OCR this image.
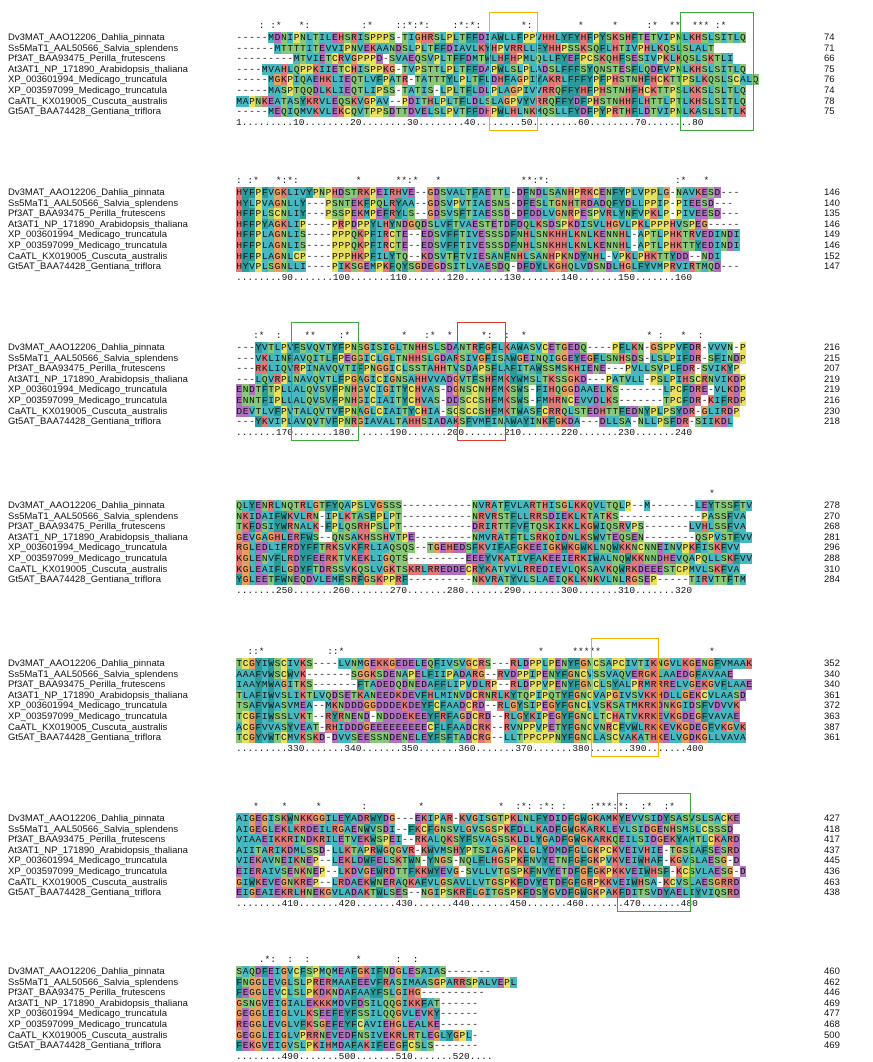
: :*   *:         :*    ::*:*:    :*:*:       *:        *     *     :*  **  *** :*
Dv3MAT_AAO12206_Dahlia_pinnata	-----MDNIPNLTILEHSRISPPPS-TIGHRSLPLTFFDIAWLLFPPVHHLYFYHFPYSKSHFTETVIPNLKHSLSITLQ	74
Ss5MaT1_AAL50566_Salvia_splendens	------MTTTTITEVVIPNVEKAANDSLPLTFFDIAVLKYHPVRRLLFYHHPSSKSQFLHTIVPHLKQSLSLALT	71
Pf3AT_BAA93475_Perilla_frutescens	---------MTVIETCRVGPPPD-SVAEQSVPLTFFDMTWLHFHPMLQLLFYEFPCSKQHFSESIVPKLKQSLSKTLI	66
At3AT1_NP_171890_Arabidopsis_thaliana	----MVAHLQPPKIIETCHISPPKG-TVPSTTLPLTFFDAPWLSLPLADSLFFFSYQNSTESFLQDFVPNLKHSLSITLQ	75
XP_003601994_Medicago_truncatula	-----MGKPIQAEHKLIEQTLVFPATR-TATTTYLPLTFLDHFAGPIYAKRLFFFYPFPHSTNHFHCKTTPSLKQSLSCALQ	76
XP_003597099_Medicago_truncatula	-----MASPTQQDLKLIEQTLIPSS-TATIS-LPLTFLDLPLAGPIVVRRQFFYHFPHSTNHFHCKTTPSLKKSLSLTLQ	74
CaATL_KX019005_Cuscuta_australis	MAPNKEATASYKRVLEQSKVGPAV--PDITHLPLTFLDLSLAGPVYVRRQFFYDFPHSTNHHFLHTTLPTLKHSLSITLQ	78
Gt5AT_BAA74428_Gentiana_triflora	-----MEQIQMVKVLEKCQVTPPSDTTDVELSLPVTFFDHPWLHLNKMQSLLFYDFPYPRTHFLDTVIPNLKASLSLTLK	75
1.........10........20........30........40........50........60........70........80
: :*   *:*:          *      **:*   *              **:*:                      :*   *
Dv3MAT_AAO12206_Dahlia_pinnata	HYFPFVGKLIVYPNPHDSTRKPEIRHVE--GDSVALTFAETTL-DFNDLSANHPRKCENFYPLVPPLG-NAVKESD---	146
Ss5MaT1_AAL50566_Salvia_splendens	HYLPVAGNLLY---PSNTEKFPQLRYAA--GDSVPVTIAESNS-DFESLTGNHTRDADQFYDLLPPIP-PIEESD---	140
Pf3AT_BAA93475_Perilla_frutescens	HFFPLSCNLIY---PSSPEKMPEFRYLS--GDSVSFTIAESSD-DFDDLVGNRPESPVRLYNFVPKLP-PIVEESD---	135
At3AT1_NP_171890_Arabidopsis_thaliana	HFFPYAGKLIP----PRPDPPYLHYNDGQDSLVFTVAESTETDFDQLKSDSPKDISVLHGVLPKLPPPHVSPEG-----	146
XP_003601994_Medicago_truncatula	HFFPLAGNLIS----PPPQKPFIRCTE--EDSVFFTIVESSSDFNHLSNKHHLKNLKENNHL-APTLPHKTRVEDINDI	149
XP_003597099_Medicago_truncatula	HFFPLAGNLIS----PPPQKPFIRCTE--EDSVFFTIVESSSDFNHLSNKHHLKNLKENNHL-APTLPHKTTYEDINDI	146
CaATL_KX019005_Cuscuta_australis	HFFPLAGNLCP----PPPHKPFILYTQ--KDSVTFTVIESANFNHLSANHPKNDYNHL-VPKLPHKTTYDD--NDI	152
Gt5AT_BAA74428_Gentiana_triflora	HYVPLSGNLLI----PIKSGEMPKFQYSGDEGDSITLVAESDQ-DFDYLKGHQLVDSNDLHGLFYVMPRVIRTMQD---	147
........90.......100.......110.......120.......130.......140.......150.......160
:*  :    **    :*         *   :*  *     *:  :  *                     * :   *  :
Dv3MAT_AAO12206_Dahlia_pinnata	---YVTLPVFSVQVTYFPNSGISIGLTNHHSLSDANTRFGFLKAWASVCETGEDQ----PFLKN-GSPPVFDR-VVVN-P	216
Ss5MaT1_AAL50566_Salvia_splendens	---VKLINFAVQITLFPEGGICLGLTNHHSLGDARSIVGFISAWGEINQIGGEYEGFLSNHSDS-LSLPIFDR-SFINDP	215
Pf3AT_BAA93475_Perilla_frutescens	---RKLIQVRPINAVQVTIFPNGGICLSSTAHHTVSDAPSFLAFITAWSSMSKHIENE---PVLLSVPLFDR-SVIKYP	207
At3AT1_NP_171890_Arabidopsis_thaliana	---LQVRPLNAVQVTLFPGAGICIGNSAHHVVADGVTFSHFMKYWMSLTKSSGKD---PATVLL-PSLPIHSCRNVIKDP	219
XP_003601994_Medicago_truncatula	ENDTFTPLLALQVSVFPNHGVCIGITYCHVAS-DGNSCNHFMKSWS-FIHQGGDAAELKS-------LPCFDRE-VLKDP	219
XP_003597099_Medicago_truncatula	ENNTFIPLLALQVSVFPNHGICIAITYCHVAS-DDSCCSHFMKSWS-FMHRNCEVVDLKS-------TPCFDR-KIFRDP	216
CaATL_KX019005_Cuscuta_australis	DEVTLVFPVTALQVTVFPNAGLCIAITYCHIA-SCSCCSHFMKTWASFCRRQLSTEDHTTFEDNYPLPSYDR-GLIRDP	230
Gt5AT_BAA74428_Gentiana_triflora	---YKVIPLAVQVTVFPNRGIAVALTAHHSIADAKSFVMFINAWAYINKFGKDA---DLLSA-NLLPSFDR-SIIKDL	218
.......170.......180.......190.......200.......210.......220.......230.......240
*
Dv3MAT_AAO12206_Dahlia_pinnata	QLYENRLNQTRLGTFYQAPSLVGSSS-----------NVRATFVLARTHISGLKKQVLTQLP--M-------LEYTSSFTV	278
Ss5MaT1_AAL50566_Salvia_splendens	NKIDAIFWKVLRN-IPLKTASFPLPT-----------NRVRSTFLLRRSDIEKLKTATKS-------------PASSFVA	270
Pf3AT_BAA93475_Perilla_frutescens	TKFDSIYWRNALK-FPLQSRHPSLPT-----------DRIRTTFVFTQSKIKKLKGWIQSRVPS-------LVHLSSFVA	268
At3AT1_NP_171890_Arabidopsis_thaliana	GEVGAGHLERFWS--QNSAKHSSHVTPE---------NMVRATFTLSRKQIDNLKSWVTEQSEN--------QSPVSTFVV	281
XP_003601994_Medicago_truncatula	RGLEDLIFRDYFFTRKSVKFRLIAQSQS--TGEHEDSFKVIFAFGKEEIGKWKGWKLNQWKKNCNNEINVPKFISKFVV	296
XP_003597099_Medicago_truncatula	KGLENVFLRDYFEERKTVKEKLIGQTS---------EEEYVKATIVFAKEEIERKIWALNQWKKNNDHEVQAPQLLSKFVV	288
CaATL_KX019005_Cuscuta_australis	KGLEAIFLGDYFTDRSSVKQSLVGKTSKRLRREDDECRYKATVVLRREDIEVLQKSAVKQWRKDEEESTCPMVLSKFVA	310
Gt5AT_BAA74428_Gentiana_triflora	YGLEETFWNEQDVLEMFSRFGSKPPRF----------NKVRATYVLSLAEIQKLKNKVLNLRGSEP-----TIRVTTFTM	284
.......250.......260.......270.......280.......290.......300.......310.......320
::*           ::*                                  *     *****                   *
Dv3MAT_AAO12206_Dahlia_pinnata	TCGYIWSCIVKS----LVNMGEKKGEDELEQFIVSVGCRS---RLDPPLPENYFGNCSAPCIVTIKNGVLKGENGFVMAAK	352
Ss5MaT1_AAL50566_Salvia_splendens	AAAFVWSCWVK-------SGGKSDENAPELFIIPADARG--RVDPPIPENYFGNCVSSVAQVERGKLAAEDGFAVAAE	340
Pf3AT_BAA93475_Perilla_frutescens	IAAYMWAGITKS-------FTADEDQDNEDAFFLIPVDLRP--RLDPPVPENYFGNCLSYALPRMRRRELVGEKGVFLAAE	340
At3AT1_NP_171890_Arabidopsis_thaliana	TLAFIWVSLIKTLVQDSETKANEEDKDEVFHLMINVDCRNRLKYTQPIPQTYFGNCVAPGIVSVKKHDLLGEKCVLAASD	361
XP_003601994_Medicago_truncatula	TSAFVWASVMEA--MKNDDDGGDDDEKDEYFCFAADCRD--RLGYSIPEGYFGNCLVSKSATMKRKDNKGIDSFVDVVK	372
XP_003597099_Medicago_truncatula	TCGFIWSSLVKT--RYRNEND-NDDDEKEEYFRFAGDCRD--RLGYKIPEGYFGNCLTCHATVKRKEVKGDEGFVAVAE	363
CaATL_KX019005_Cuscuta_australis	ACGFVVASYVEAT-RHIDDDGEEEEEEEEECFLFAADCRK--RVNPPVPETYFGNCVNRCFVWLRKKEVKGDEGFVKGVK	387
Gt5AT_BAA74428_Gentiana_triflora	TCGYVWTCMVKSKD-DVVSEESSNDENELEYFSFTADCRG--LLTPPCPPNYFGNCLASCVAKATHKELVGDKGLLVAVA	361
.........330.......340.......350.......360.......370.......380.......390.......400
*    *     *       :         *             *  :*: :*: :    :***:*:  :*  :*
Dv3MAT_AAO12206_Dahlia_pinnata	AIGEGISKWNKKGGILEYADRWYDG---EKIPAR-KVGISGTPKLNLFYDIDFGWGKAMKYEVVSIDYSASVSLSACKE	427
Ss5MaT1_AAL50566_Salvia_splendens	AIGEGLEKLKRDEILRGAENWVSDI--FKCFGNSVLGVSGSPKFDLLKADFGWGKARKLEVLSIDGENHSMSLCSSSD	418
Pf3AT_BAA93475_Perilla_frutescens	VIAAEIKKRINDKRILETVEKWSPEI--RKALQKSYFSVAGSSKLDLYGADFGWGKARKQEILSIDGEKYAMTLCKARD	417
At3AT1_NP_171890_Arabidopsis_thaliana	AIITARIKDMLSSD-LLKTAPRWGQGVR-KWVMSHYPTSIAGAPKLGLYDMDFGLGKPCKVEIVHIE-TGSIAFSESRD	437
XP_003601994_Medicago_truncatula	VIEKAVNEIKNEP--LEKLDWFELSKTWN-YNGS-NQLFLHGSPKFNVYETNFGFGKPVKVEIWHAF-KGVSLAESG-D	445
XP_003597099_Medicago_truncatula	EIERAIVSENKNEP--LKDVGEWRDTTFKKWYEVG-SVLLVTGSPKFNVYETDFGFGKPKKVEIWHSF-KCSVLAESG-D	436
CaATL_KX019005_Cuscuta_australis	GIWKEVEGNKREP--LRDAEKWNERAQKAFVLGSAVLLVTGSPKFDVYETDFGFGRPKKVEIWHSA-KCVSLAESGRRD	463
Gt5AT_BAA74428_Gentiana_triflora	EIGEAIEKRLHNEKGVLADAKTWLSES--NGIPSKRFLGITGSPKFDSYGVDFGWGKPAKFDITSVDYAELIYVIQSRD	438
........410.......420.......430.......440.......450.......460.......470.......480
.*:  :  :        *      :  :
Dv3MAT_AAO12206_Dahlia_pinnata	SAQDFEIGVCFSPMQMEAFGKIFNDGLESAIAS-------	460
Ss5MaT1_AAL50566_Salvia_splendens	FNGGLEVGLSLPRERMAAFEEVFRASIMAASGPARRSPALVEPL	462
Pf3AT_BAA93475_Perilla_frutescens	FEGGLEVCLSLPKDKNDAFAAYFSLGIHG----------	446
At3AT1_NP_171890_Arabidopsis_thaliana	GSNGVEIGIALEKKKMDVFDSILQQGIKKFAT------	469
XP_003601994_Medicago_truncatula	GEGGLEIGLVLKSEEFEYFSSILQQGVLEVKY------	477
XP_003597099_Medicago_truncatula	REGGLEVGLVFKSGEFEYFCAVIEHGLEALKE------	468
CaATL_KX019005_Cuscuta_australis	GEGGLEIGLVPRRNEVEDFNSIVEKRLRTLEGLYGPL-	500
Gt5AT_BAA74428_Gentiana_triflora	FEKGVEIGVSLPKIHMDAFAKIFEEGFCSLS-------	469
........490.......500.......510.......520....
